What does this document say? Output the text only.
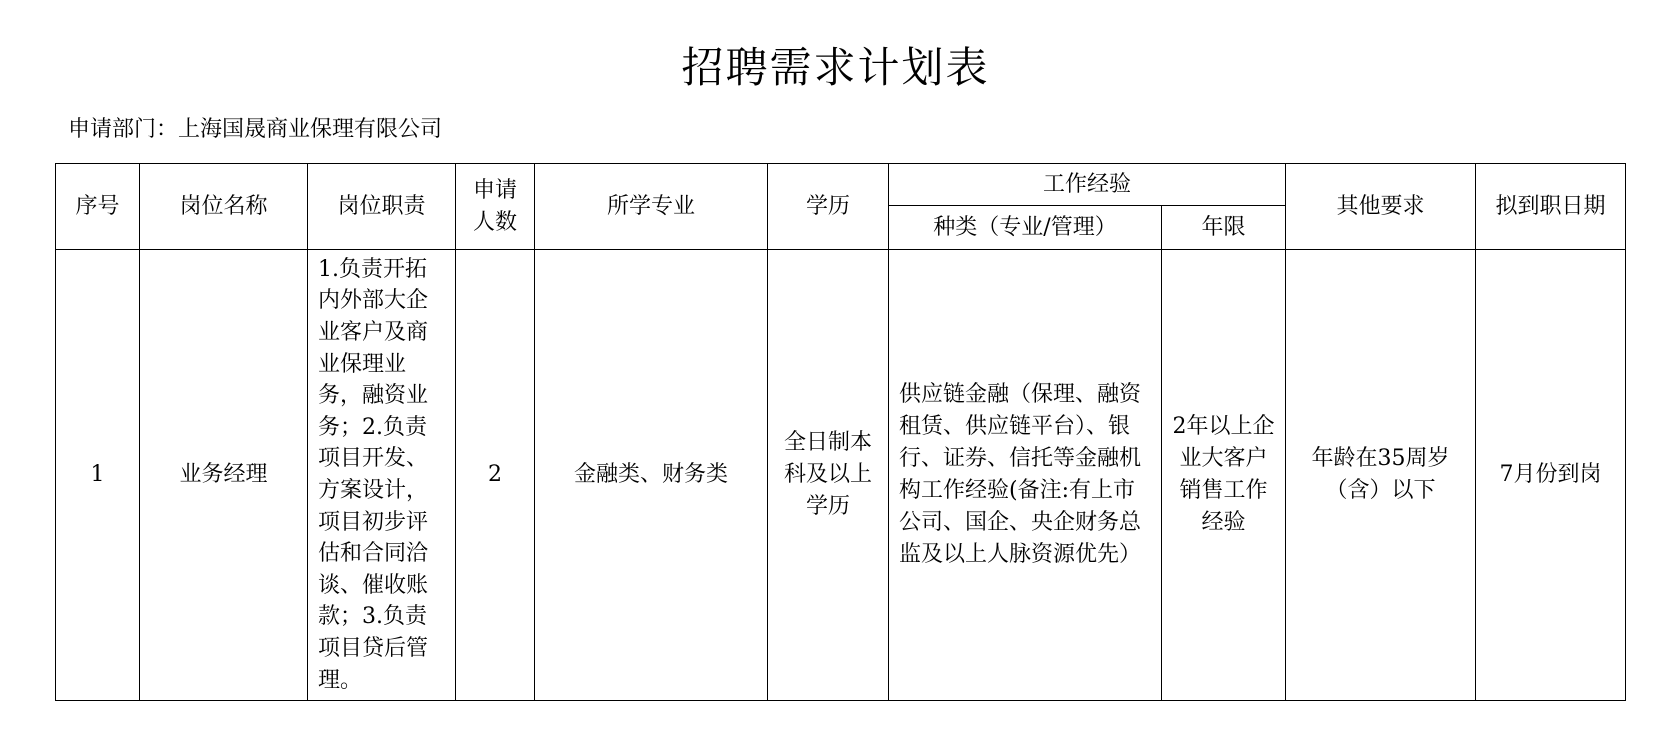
招聘需求计划表
申请部门：上海国晟商业保理有限公司
序号	岗位名称	岗位职责	申请人数	所学专业	学历	工作经验		其他要求	拟到职日期
						种类（专业/管理）	年限		
1	业务经理	1.负责开拓内外部大企业客户及商业保理业务，融资业务；2.负责项目开发、方案设计，项目初步评估和合同洽谈、催收账款；3.负责项目贷后管理。	2	金融类、财务类	全日制本科及以上学历	供应链金融（保理、融资租赁、供应链平台）、银行、证券、信托等金融机构工作经验(备注:有上市公司、国企、央企财务总监及以上人脉资源优先）	2年以上企业大客户销售工作经验	年龄在35周岁（含）以下	7月份到岗
